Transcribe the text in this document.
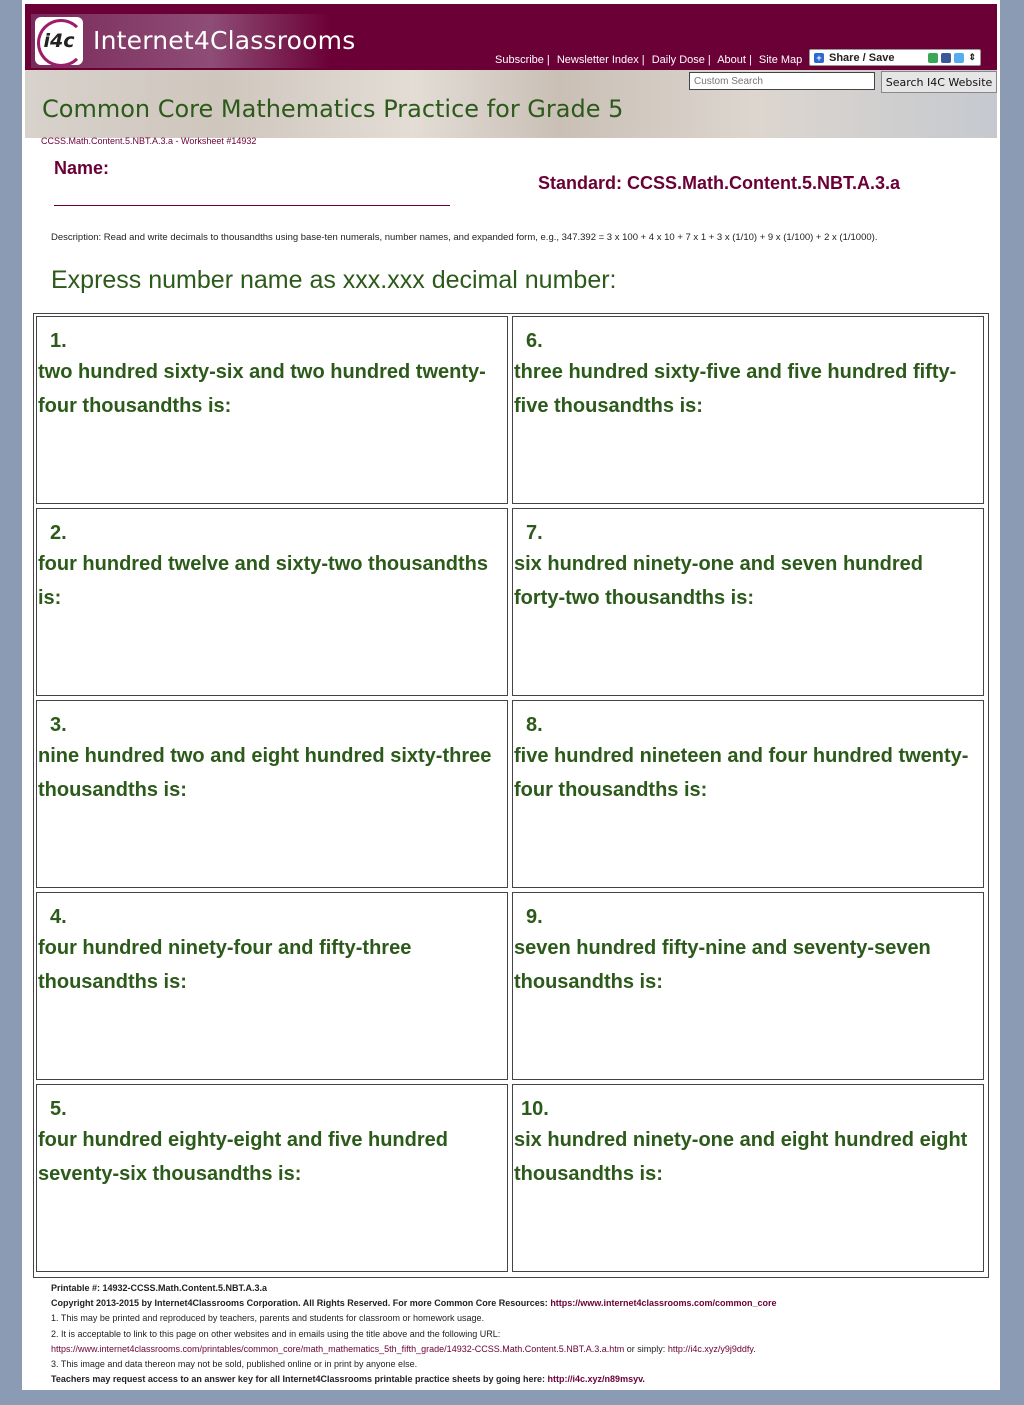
i4c Internet4Classrooms
Subscribe | Newsletter Index | Daily Dose | About | Site Map + Share / Save	⇕
Custom Search
Search I4C Website
Common Core Mathematics Practice for Grade 5
CCSS.Math.Content.5.NBT.A.3.a - Worksheet #14932
Name:
Standard: CCSS.Math.Content.5.NBT.A.3.a
Description: Read and write decimals to thousandths using base-ten numerals, number names, and expanded form, e.g., 347.392 = 3 x 100 + 4 x 10 + 7 x 1 + 3 x (1/10) + 9 x (1/100) + 2 x (1/1000).
Express number name as xxx.xxx decimal number:
1.
two hundred sixty-six and two hundred twenty-four thousandths is:
2.
four hundred twelve and sixty-two thousandths is:
3.
nine hundred two and eight hundred sixty-three thousandths is:
4.
four hundred ninety-four and fifty-three thousandths is:
5.
four hundred eighty-eight and five hundred seventy-six thousandths is:
6.
three hundred sixty-five and five hundred fifty-five thousandths is:
7.
six hundred ninety-one and seven hundred forty-two thousandths is:
8.
five hundred nineteen and four hundred twenty-four thousandths is:
9.
seven hundred fifty-nine and seventy-seven thousandths is:
10.
six hundred ninety-one and eight hundred eight thousandths is:
Printable #: 14932-CCSS.Math.Content.5.NBT.A.3.a
Copyright 2013-2015 by Internet4Classrooms Corporation. All Rights Reserved. For more Common Core Resources: https://www.internet4classrooms.com/common_core
1. This may be printed and reproduced by teachers, parents and students for classroom or homework usage.
2. It is acceptable to link to this page on other websites and in emails using the title above and the following URL:
https://www.internet4classrooms.com/printables/common_core/math_mathematics_5th_fifth_grade/14932-CCSS.Math.Content.5.NBT.A.3.a.htm or simply: http://i4c.xyz/y9j9ddfy.
3. This image and data thereon may not be sold, published online or in print by anyone else.
Teachers may request access to an answer key for all Internet4Classrooms printable practice sheets by going here: http://i4c.xyz/n89msyv.
